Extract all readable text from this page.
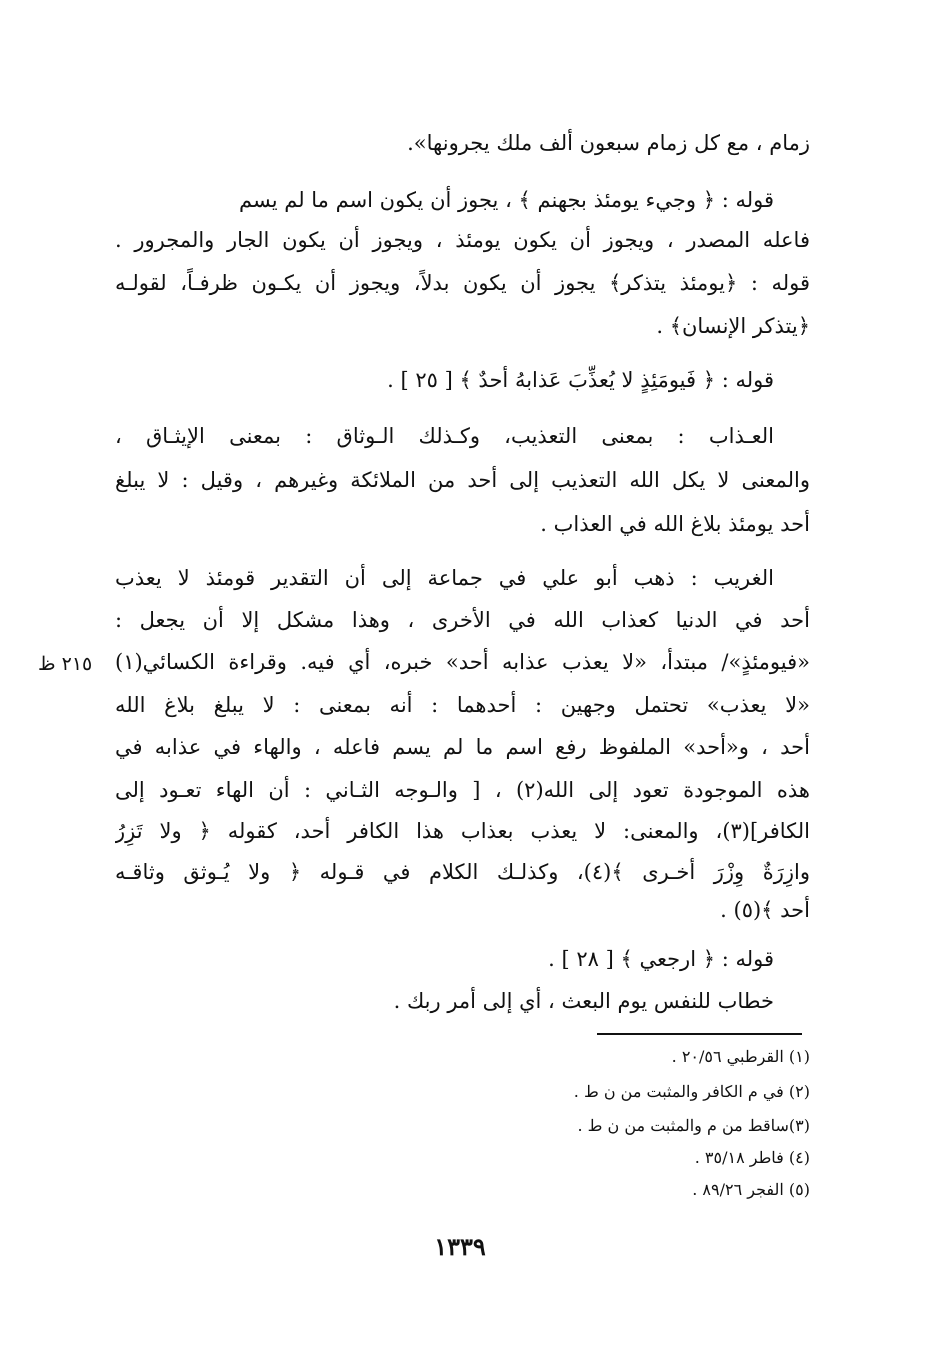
زمام ، مع كل زمام سبعون ألف ملك يجرونها».
قوله : ﴿ وجيء يومئذ بجهنم ﴾ ، يجوز أن يكون اسم ما لم يسم
فاعله المصدر ، ويجوز أن يكون يومئذ ، ويجوز أن يكون الجار والمجرور .
قوله : ﴿يومئذ يتذكر﴾ يجوز أن يكون بدلاً، ويجوز أن يكـون ظرفـاً، لقولـه
﴿يتذكر الإنسان﴾ .
قوله : ﴿ فَيومَئِذٍ لا يُعذِّبَ عَذابهُ أحدٌ ﴾ [ ٢٥ ] .
العـذاب : بمعنى التعذيب، وكـذلك الـوثاق : بمعنى الإيثـاق ،
والمعنى لا يكل الله التعذيب إلى أحد من الملائكة وغيرهم ، وقيل : لا يبلغ
أحد يومئذ بلاغ الله في العذاب .
الغريب : ذهب أبو علي في جماعة إلى أن التقدير قومئذ لا يعذب
أحد في الدنيا كعذاب الله في الأخرى ، وهذا مشكل إلا أن يجعل :
«فيومئذٍ»/ مبتدأ، «لا يعذب عذابه أحد» خبره، أي فيه. وقراءة الكسائي(١)
«لا يعذب» تحتمل وجهين : أحدهما : أنه بمعنى : لا يبلغ بلاغ الله
أحد ، و«أحد» الملفوظ رفع اسم ما لم يسم فاعله ، والهاء في عذابه في
هذه الموجودة تعود إلى الله(٢) ، [ والـوجه الثـاني : أن الهاء تعـود إلى
الكافر](٣)، والمعنى: لا يعذب بعذاب هذا الكافر أحد، كقوله ﴿ ولا تَزِرُ
وازِرَةٌ وِزْرَ أخـرى ﴾(٤)، وكذلـك الكلام في قـوله ﴿ ولا يُـوثق وثاقـه
أحد ﴾(٥) .
قوله : ﴿ ارجعي ﴾ [ ٢٨ ] .
خطاب للنفس يوم البعث ، أي إلى أمر ربك .
٢١٥ ظ
(١) القرطبي ٢٠/٥٦ .
(٢) في م الكافر والمثبت من ن ط .
(٣)ساقط من م والمثبت من ن ط .
(٤) فاطر ٣٥/١٨ .
(٥) الفجر ٨٩/٢٦ .
١٣٣٩
